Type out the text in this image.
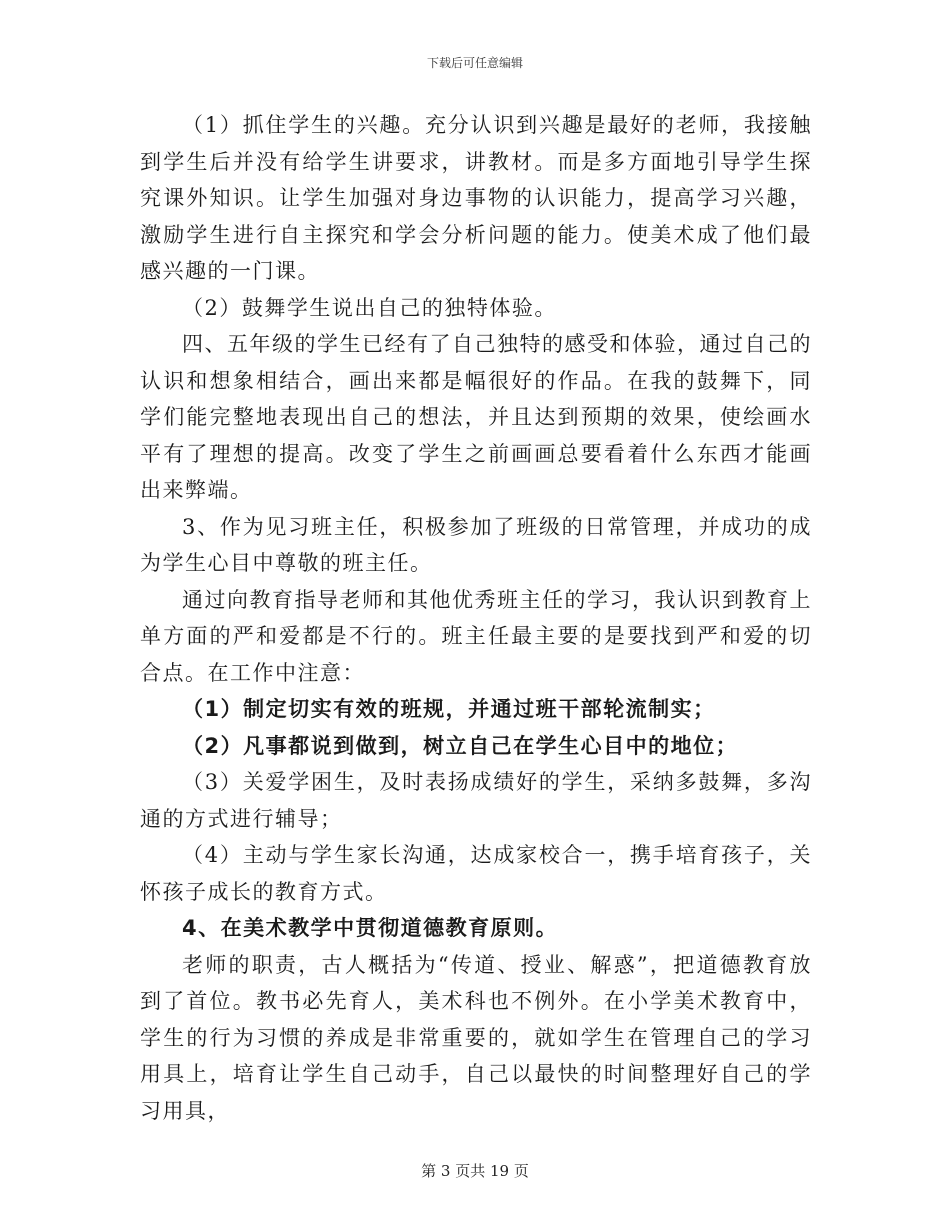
下载后可任意编辑

（1）抓住学生的兴趣。充分认识到兴趣是最好的老师，我接触到学生后并没有给学生讲要求，讲教材。而是多方面地引导学生探究课外知识。让学生加强对身边事物的认识能力，提高学习兴趣，激励学生进行自主探究和学会分析问题的能力。使美术成了他们最感兴趣的一门课。

（2）鼓舞学生说出自己的独特体验。

四、五年级的学生已经有了自己独特的感受和体验，通过自己的认识和想象相结合，画出来都是幅很好的作品。在我的鼓舞下，同学们能完整地表现出自己的想法，并且达到预期的效果，使绘画水平有了理想的提高。改变了学生之前画画总要看着什么东西才能画出来弊端。

3、作为见习班主任，积极参加了班级的日常管理，并成功的成为学生心目中尊敬的班主任。

通过向教育指导老师和其他优秀班主任的学习，我认识到教育上单方面的严和爱都是不行的。班主任最主要的是要找到严和爱的切合点。在工作中注意：

（1）制定切实有效的班规，并通过班干部轮流制实；

（2）凡事都说到做到，树立自己在学生心目中的地位；

（3）关爱学困生，及时表扬成绩好的学生，采纳多鼓舞，多沟通的方式进行辅导；

（4）主动与学生家长沟通，达成家校合一，携手培育孩子，关怀孩子成长的教育方式。

4、在美术教学中贯彻道德教育原则。

老师的职责，古人概括为“传道、授业、解惑”，把道德教育放到了首位。教书必先育人，美术科也不例外。在小学美术教育中，学生的行为习惯的养成是非常重要的，就如学生在管理自己的学习用具上，培育让学生自己动手，自己以最快的时间整理好自己的学习用具，

第 3 页共 19 页
